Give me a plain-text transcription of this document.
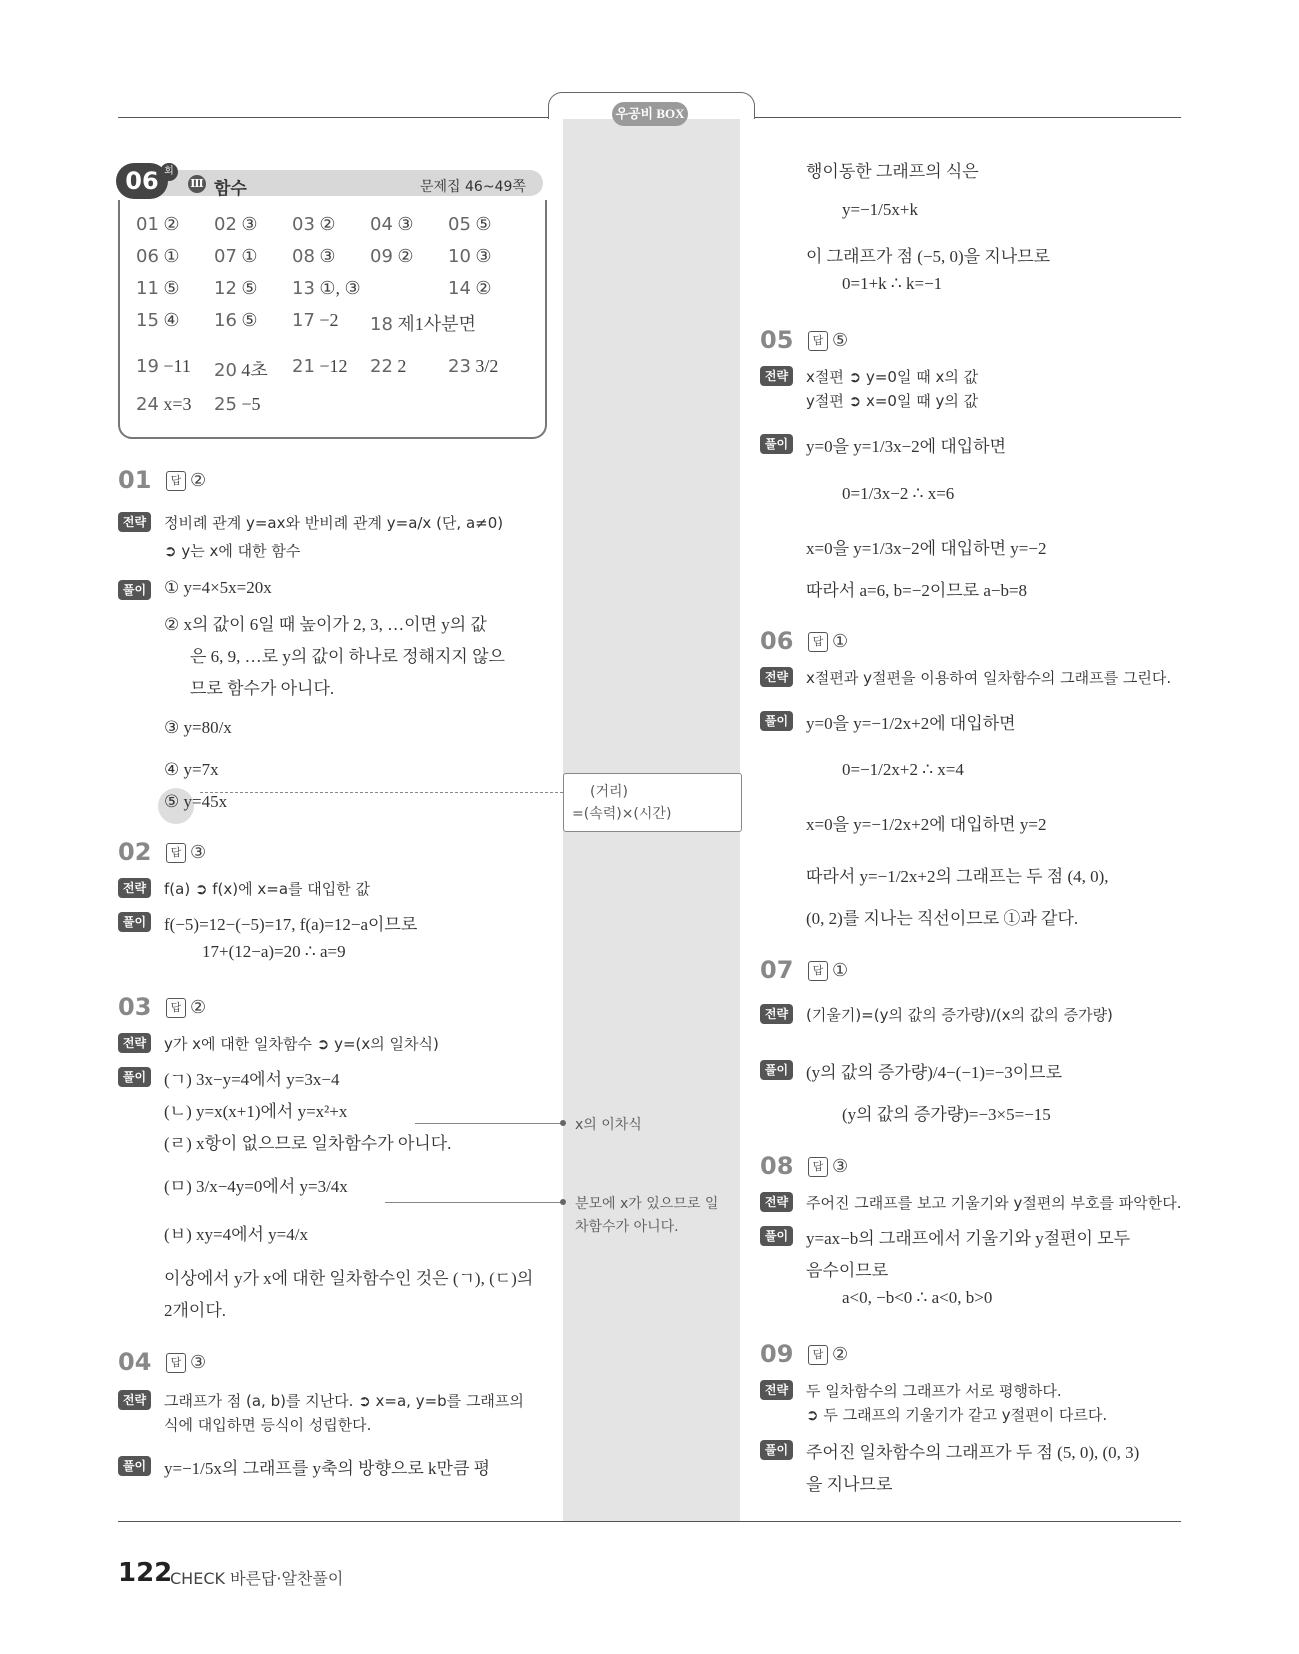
우공비 BOX
06 회
Ⅲ 함수	문제집 46~49쪽
01	답 ②
전략	정비례 관계 y=ax와 반비례 관계 y=a/x (단, a≠0)
➲ y는 x에 대한 함수
풀이 ① y=4×5x=20x
② x의 값이 6일 때 높이가 2, 3, …이면 y의 값
은 6, 9, …로 y의 값이 하나로 정해지지 않으
므로 함수가 아니다.
③ y=80/x
④ y=7x
⑤ y=45x	(거리)
=(속력)×(시간)
02	답 ③
전략	f(a) ➲ f(x)에 x=a를 대입한 값
풀이 f(−5)=12−(−5)=17, f(a)=12−a이므로
17+(12−a)=20 ∴ a=9
03	답 ②
전략	y가 x에 대한 일차함수 ➲ y=(x의 일차식)
풀이 (ㄱ) 3x−y=4에서 y=3x−4
(ㄴ) y=x(x+1)에서 y=x²+x
x의 이차식
(ㄹ) x항이 없으므로 일차함수가 아니다.
(ㅁ) 3/x−4y=0에서 y=3/4x
분모에 x가 있으므로 일
차함수가 아니다.
(ㅂ) xy=4에서 y=4/x
이상에서 y가 x에 대한 일차함수인 것은 (ㄱ), (ㄷ)의
2개이다.
04	답 ③
전략	그래프가 점 (a, b)를 지난다. ➲ x=a, y=b를 그래프의
식에 대입하면 등식이 성립한다.
풀이 y=−1/5x의 그래프를 y축의 방향으로 k만큼 평
행이동한 그래프의 식은
y=−1/5x+k
이 그래프가 점 (−5, 0)을 지나므로
0=1+k ∴ k=−1
05	답 ⑤
전략	x절편 ➲ y=0일 때 x의 값
y절편 ➲ x=0일 때 y의 값
풀이 y=0을 y=1/3x−2에 대입하면
0=1/3x−2 ∴ x=6
x=0을 y=1/3x−2에 대입하면 y=−2
따라서 a=6, b=−2이므로 a−b=8
06	답 ①
전략	x절편과 y절편을 이용하여 일차함수의 그래프를 그린다.
풀이 y=0을 y=−1/2x+2에 대입하면
0=−1/2x+2 ∴ x=4
x=0을 y=−1/2x+2에 대입하면 y=2
따라서 y=−1/2x+2의 그래프는 두 점 (4, 0),
(0, 2)를 지나는 직선이므로 ①과 같다.
07	답 ①
전략	(기울기)=(y의 값의 증가량)/(x의 값의 증가량)
풀이 (y의 값의 증가량)/4−(−1)=−3이므로
(y의 값의 증가량)=−3×5=−15
08	답 ③
전략	주어진 그래프를 보고 기울기와 y절편의 부호를 파악한다.
풀이 y=ax−b의 그래프에서 기울기와 y절편이 모두
음수이므로
a<0, −b<0 ∴ a<0, b>0
09	답 ②
전략	두 일차함수의 그래프가 서로 평행하다.
➲ 두 그래프의 기울기가 같고 y절편이 다르다.
풀이 주어진 일차함수의 그래프가 두 점 (5, 0), (0, 3)
을 지나므로
122
CHECK 바른답·알찬풀이
01 ② 02 ③ 03 ② 04 ③ 05 ⑤
06 ① 07 ① 08 ③ 09 ② 10 ③
11 ⑤ 12 ⑤ 13 ①, ③	14 ②
15 ④ 16 ⑤ 17 −2 18 제1사분면
19 −11 20 4초 21 −12 22 2 23 3/2
24 x=3 25 −5
